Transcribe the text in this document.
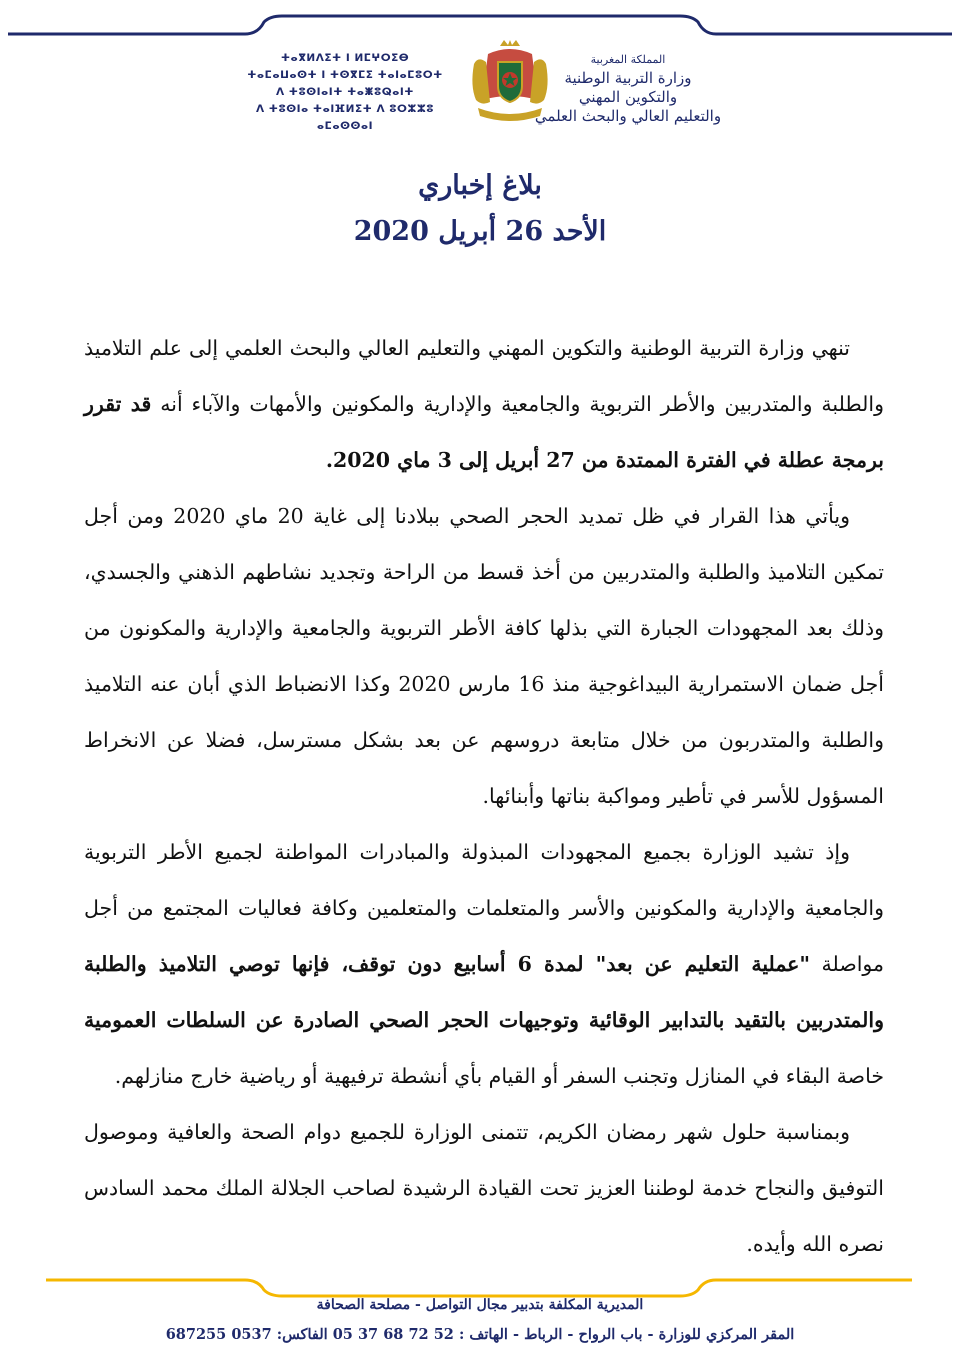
ⵜⴰⴳⵍⴷⵉⵜ ⵏ ⵍⵎⵖⵔⵉⴱ
ⵜⴰⵎⴰⵡⴰⵙⵜ ⵏ ⵜⵙⴳⵎⵉ ⵜⴰⵏⴰⵎⵓⵔⵜ
ⴷ ⵜⵓⵙⵏⴰⵏⵜ ⵜⴰⵥⵓⵕⴰⵏⵜ
ⴷ ⵜⵓⵙⵏⴰ ⵜⴰⵏⴼⵍⵉⵜ ⴷ ⵓⵔⵣⵣⵓ ⴰⵎⴰⵙⵙⴰⵏ
المملكة المغربية
وزارة التربية الوطنية
والتكوين المهني
والتعليم العالي والبحث العلمي
بلاغ إخباري
الأحد 26 أبريل 2020

تنهي وزارة التربية الوطنية والتكوين المهني والتعليم العالي والبحث العلمي إلى علم التلاميذ والطلبة والمتدربين والأطر التربوية والجامعية والإدارية والمكونين والأمهات والآباء أنه قد تقرر برمجة عطلة في الفترة الممتدة من 27 أبريل إلى 3 ماي 2020.

ويأتي هذا القرار في ظل تمديد الحجر الصحي ببلادنا إلى غاية 20 ماي 2020 ومن أجل تمكين التلاميذ والطلبة والمتدربين من أخذ قسط من الراحة وتجديد نشاطهم الذهني والجسدي، وذلك بعد المجهودات الجبارة التي بذلها كافة الأطر التربوية والجامعية والإدارية والمكونون من أجل ضمان الاستمرارية البيداغوجية منذ 16 مارس 2020 وكذا الانضباط الذي أبان عنه التلاميذ والطلبة والمتدربون من خلال متابعة دروسهم عن بعد بشكل مسترسل، فضلا عن الانخراط المسؤول للأسر في تأطير ومواكبة بناتها وأبنائها.

وإذ تشيد الوزارة بجميع المجهودات المبذولة والمبادرات المواطنة لجميع الأطر التربوية والجامعية والإدارية والمكونين والأسر والمتعلمات والمتعلمين وكافة فعاليات المجتمع من أجل مواصلة "عملية التعليم عن بعد" لمدة 6 أسابيع دون توقف، فإنها توصي التلاميذ والطلبة والمتدربين بالتقيد بالتدابير الوقائية وتوجيهات الحجر الصحي الصادرة عن السلطات العمومية خاصة البقاء في المنازل وتجنب السفر أو القيام بأي أنشطة ترفيهية أو رياضية خارج منازلهم.

وبمناسبة حلول شهر رمضان الكريم، تتمنى الوزارة للجميع دوام الصحة والعافية وموصول التوفيق والنجاح خدمة لوطننا العزيز تحت القيادة الرشيدة لصاحب الجلالة الملك محمد السادس نصره الله وأيده.

المديرية المكلفة بتدبير مجال التواصل - مصلحة الصحافة
المقر المركزي للوزارة - باب الرواح - الرباط - الهاتف : 52 72 68 37 05 الفاكس: 0537 687255
